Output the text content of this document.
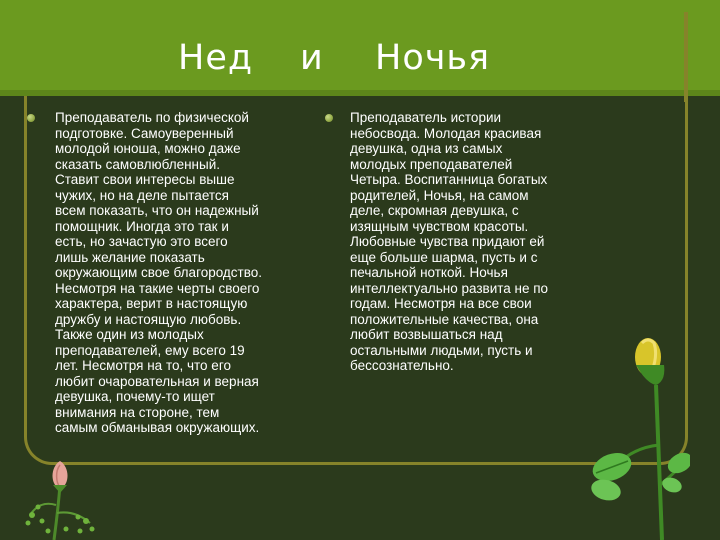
Нед и Ночья
Преподаватель по физической
подготовке. Самоуверенный
молодой юноша, можно даже
сказать самовлюбленный.
Ставит свои интересы выше
чужих, но на деле пытается
всем показать, что он надежный
помощник. Иногда это так и
есть, но зачастую это всего
лишь желание показать
окружающим свое благородство.
Несмотря на такие черты своего
характера, верит в настоящую
дружбу и настоящую любовь.
Также один из молодых
преподавателей, ему всего 19
лет. Несмотря на то, что его
любит очаровательная и верная
девушка, почему-то ищет
внимания на стороне, тем
самым обманывая окружающих.
Преподаватель истории
небосвода. Молодая красивая
девушка, одна из самых
молодых преподавателей
Четыра. Воспитанница богатых
родителей, Ночья, на самом
деле, скромная девушка, с
изящным чувством красоты.
Любовные чувства придают ей
еще больше шарма, пусть и с
печальной ноткой. Ночья
интеллектуально развита не по
годам. Несмотря на все свои
положительные качества, она
любит возвышаться над
остальными людьми, пусть и
бессознательно.
